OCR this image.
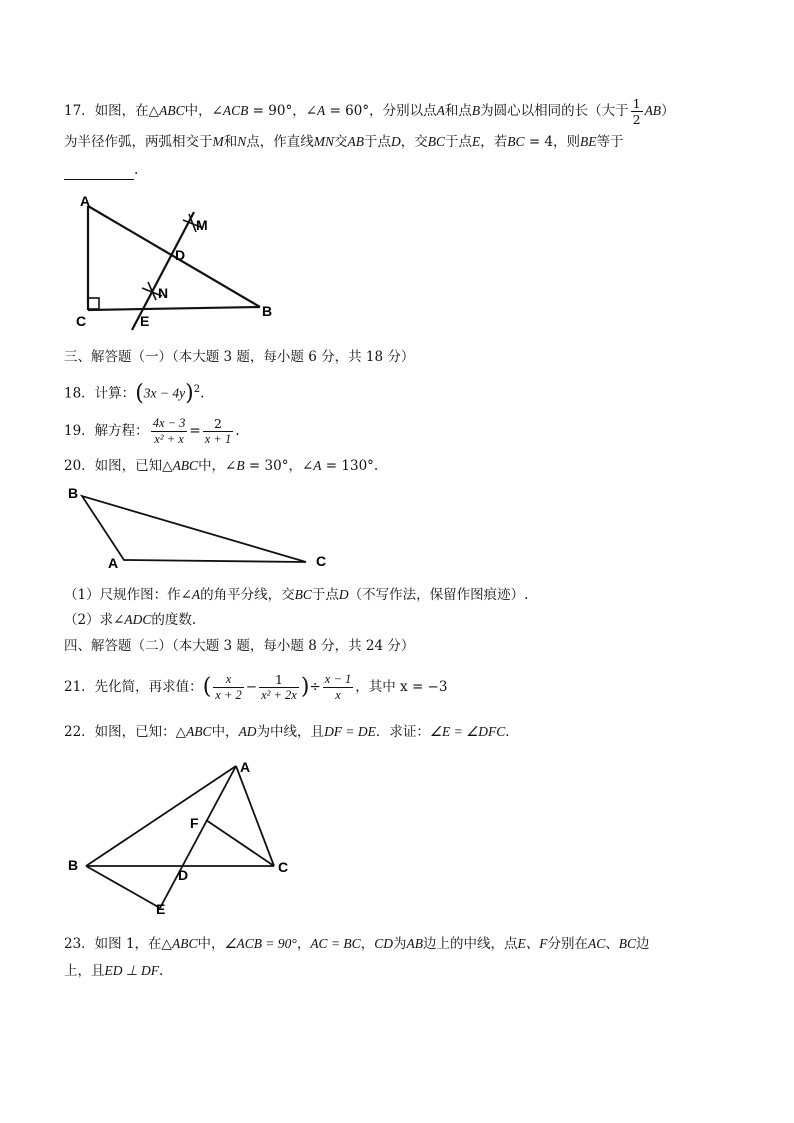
17．如图，在△ABC中，∠ACB = 90°，∠A = 60°，分别以点A和点B为圆心以相同的长（大于 $\frac{1}{2} AB$）
为半径作弧，两弧相交于M和N点，作直线MN交AB于点D，交BC于点E，若BC = 4，则BE等于
.
A
M
D
N
C	E
B
三、解答题（一）（本大题 3 题，每小题 6 分，共 18 分）
18．计算：$(3x - 4y)^2$.
19．解方程： $\frac{4x - 3}{\text{x² + x}} = \frac{2}{x + 1}$ .
20．如图，已知△ABC中，∠B = 30°，∠A = 130°.
B
A	C
（1）尺规作图：作∠A的角平分线，交BC于点D（不写作法，保留作图痕迹）.
（2）求∠ADC的度数.
四、解答题（二）（本大题 3 题，每小题 8 分，共 24 分）
21．先化简，再求值：( $\frac{x}{x + 2} - \frac{1}{\text{x² + 2x}}$ )÷ $\frac{x - 1}{x}$ ，其中 x = −3
22．如图，已知：△ABC中，AD为中线，且DF = DE．求证：∠E = ∠DFC．
A
F
B
D	C
E
23．如图 1，在△ABC中，∠ACB = 90°，AC = BC，CD为AB边上的中线，点E、F分别在AC、BC边
上，且ED ⊥ DF.
